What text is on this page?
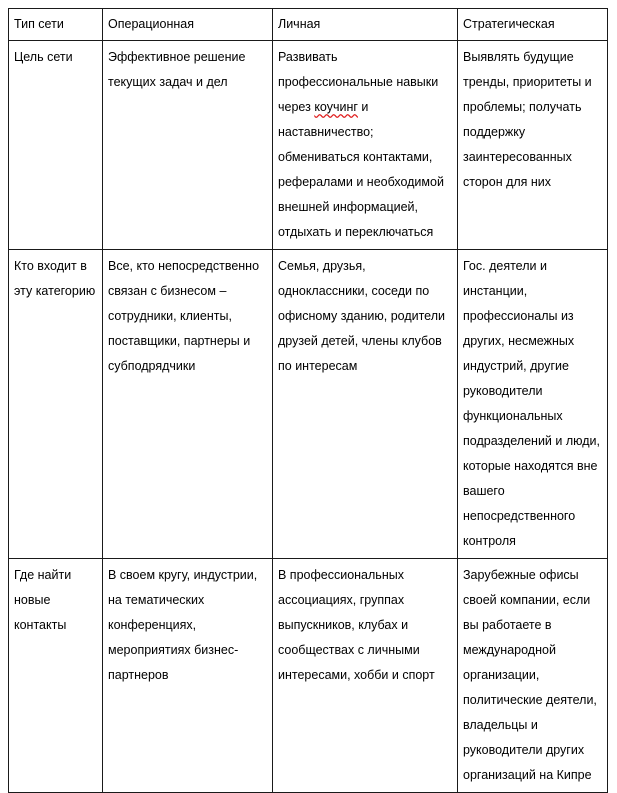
Тип сети	Операционная	Личная	Стратегическая

Цель сети	Эффективное решение текущих задач и дел	Развивать профессиональные навыки через коучинг и наставничество; обмениваться контактами, рефералами и необходимой внешней информацией, отдыхать и переключаться	Выявлять будущие тренды, приоритеты и проблемы; получать поддержку заинтересованных сторон для них

Кто входит в эту категорию	Все, кто непосредственно связан с бизнесом – сотрудники, клиенты, поставщики, партнеры и субподрядчики	Семья, друзья, одноклассники, соседи по офисному зданию, родители друзей детей, члены клубов по интересам	Гос. деятели и инстанции, профессионалы из других, несмежных индустрий, другие руководители функциональных подразделений и люди, которые находятся вне вашего непосредственного контроля

Где найти новые контакты	В своем кругу, индустрии, на тематических конференциях, мероприятиях бизнес-партнеров	В профессиональных ассоциациях, группах выпускников, клубах и сообществах с личными интересами, хобби и спорт	Зарубежные офисы своей компании, если вы работаете в международной организации, политические деятели, владельцы и руководители других организаций на Кипре
